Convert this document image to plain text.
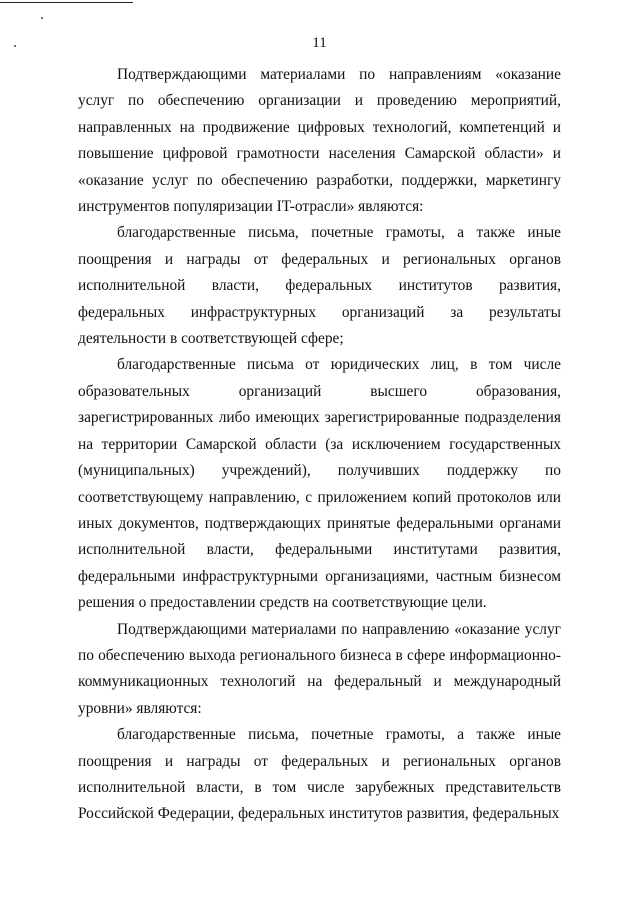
11

Подтверждающими материалами по направлениям «оказание услуг по обеспечению организации и проведению мероприятий, направленных на продвижение цифровых технологий, компетенций и повышение цифровой грамотности населения Самарской области» и «оказание услуг по обеспечению разработки, поддержки, маркетингу инструментов популяризации IT-отрасли» являются:

благодарственные письма, почетные грамоты, а также иные поощрения и награды от федеральных и региональных органов исполнительной власти, федеральных институтов развития, федеральных инфраструктурных организаций за результаты деятельности в соответствующей сфере;

благодарственные письма от юридических лиц, в том числе образовательных организаций высшего образования, зарегистрированных либо имеющих зарегистрированные подразделения на территории Самарской области (за исключением государственных (муниципальных) учреждений), получивших поддержку по соответствующему направлению, с приложением копий протоколов или иных документов, подтверждающих принятые федеральными органами исполнительной власти, федеральными институтами развития, федеральными инфраструктурными организациями, частным бизнесом решения о предоставлении средств на соответствующие цели.

Подтверждающими материалами по направлению «оказание услуг по обеспечению выхода регионального бизнеса в сфере информационно-коммуникационных технологий на федеральный и международный уровни» являются:

благодарственные письма, почетные грамоты, а также иные поощрения и награды от федеральных и региональных органов исполнительной власти, в том числе зарубежных представительств Российской Федерации, федеральных институтов развития, федеральных
